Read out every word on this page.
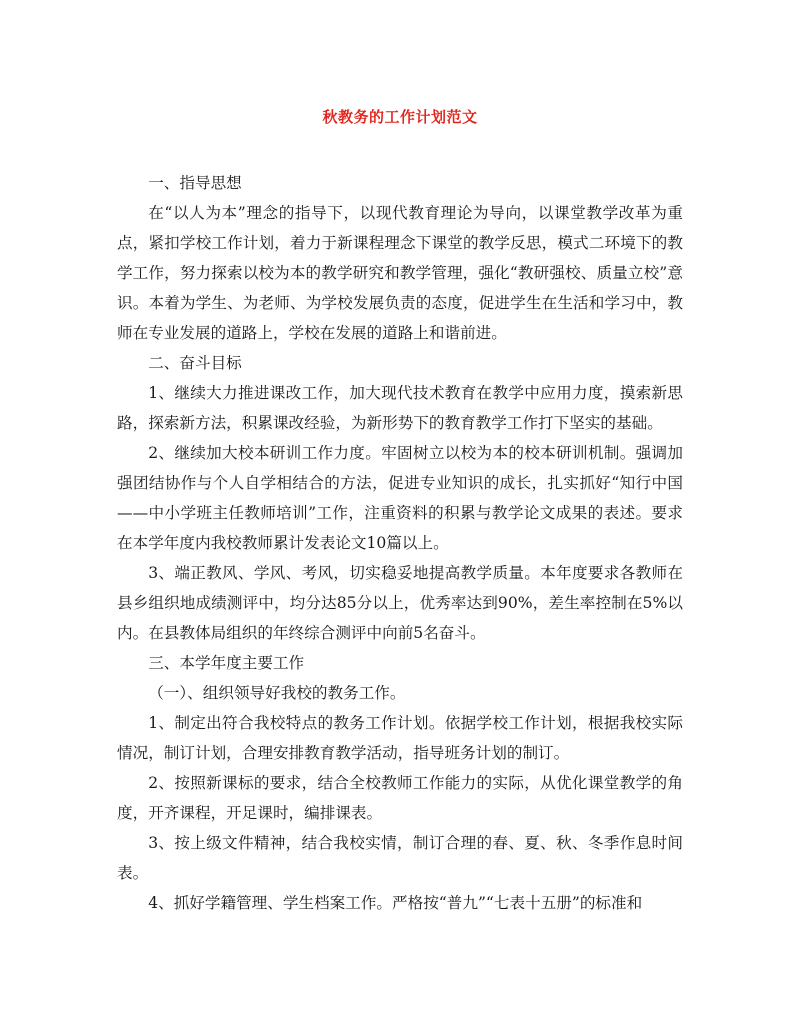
秋教务的工作计划范文

一、指导思想

在“以人为本”理念的指导下，以现代教育理论为导向，以课堂教学改革为重点，紧扣学校工作计划，着力于新课程理念下课堂的教学反思，模式二环境下的教学工作，努力探索以校为本的教学研究和教学管理，强化“教研强校、质量立校”意识。本着为学生、为老师、为学校发展负责的态度，促进学生在生活和学习中，教师在专业发展的道路上，学校在发展的道路上和谐前进。

二、奋斗目标

1、继续大力推进课改工作，加大现代技术教育在教学中应用力度，摸索新思路，探索新方法，积累课改经验，为新形势下的教育教学工作打下坚实的基础。

2、继续加大校本研训工作力度。牢固树立以校为本的校本研训机制。强调加强团结协作与个人自学相结合的方法，促进专业知识的成长，扎实抓好“知行中国——中小学班主任教师培训”工作，注重资料的积累与教学论文成果的表述。要求在本学年度内我校教师累计发表论文10篇以上。

3、端正教风、学风、考风，切实稳妥地提高教学质量。本年度要求各教师在县乡组织地成绩测评中，均分达85分以上，优秀率达到90%，差生率控制在5%以内。在县教体局组织的年终综合测评中向前5名奋斗。

三、本学年度主要工作

（一）、组织领导好我校的教务工作。

1、制定出符合我校特点的教务工作计划。依据学校工作计划，根据我校实际情况，制订计划，合理安排教育教学活动，指导班务计划的制订。

2、按照新课标的要求，结合全校教师工作能力的实际，从优化课堂教学的角度，开齐课程，开足课时，编排课表。

3、按上级文件精神，结合我校实情，制订合理的春、夏、秋、冬季作息时间表。

4、抓好学籍管理、学生档案工作。严格按“普九”“七表十五册”的标准和
